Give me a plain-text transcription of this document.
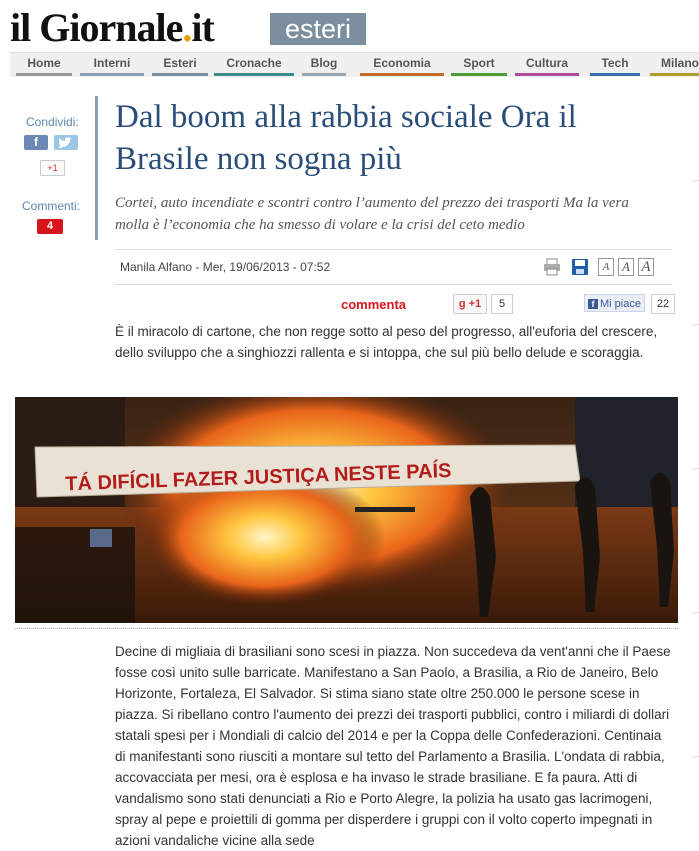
il Giornale.it	esteri
Home	Interni	Esteri	Cronache	Blog	Economia	Sport	Cultura	Tech	Milano
Condividi:
f
+1
Commenti:
4
Dal boom alla rabbia sociale Ora il Brasile non sogna più

Cortei, auto incendiate e scontri contro l’aumento del prezzo dei trasporti Ma la vera molla è l’economia che ha smesso di volare e la crisi del ceto medio

Manila Alfano - Mer, 19/06/2013 - 07:52	A A A
commenta	g +1	5	f Mi piace	22

È il miracolo di cartone, che non regge sotto al peso del progresso, all'euforia del crescere, dello sviluppo che a singhiozzi rallenta e si intoppa, che sul più bello delude e scoraggia.

TÁ DIFÍCIL FAZER JUSTIÇA NESTE PAÍS

Decine di migliaia di brasiliani sono scesi in piazza. Non succedeva da vent'anni che il Paese fosse così unito sulle barricate. Manifestano a San Paolo, a Brasilia, a Rio de Janeiro, Belo Horizonte, Fortaleza, El Salvador. Si stima siano state oltre 250.000 le persone scese in piazza. Si ribellano contro l'aumento dei prezzi dei trasporti pubblici, contro i miliardi di dollari statali spesi per i Mondiali di calcio del 2014 e per la Coppa delle Confederazioni. Centinaia di manifestanti sono riusciti a montare sul tetto del Parlamento a Brasilia. L'ondata di rabbia, accovacciata per mesi, ora è esplosa e ha invaso le strade brasiliane. E fa paura. Atti di vandalismo sono stati denunciati a Rio e Porto Alegre, la polizia ha usato gas lacrimogeni, spray al pepe e proiettili di gomma per disperdere i gruppi con il volto coperto impegnati in azioni vandaliche vicine alla sede
